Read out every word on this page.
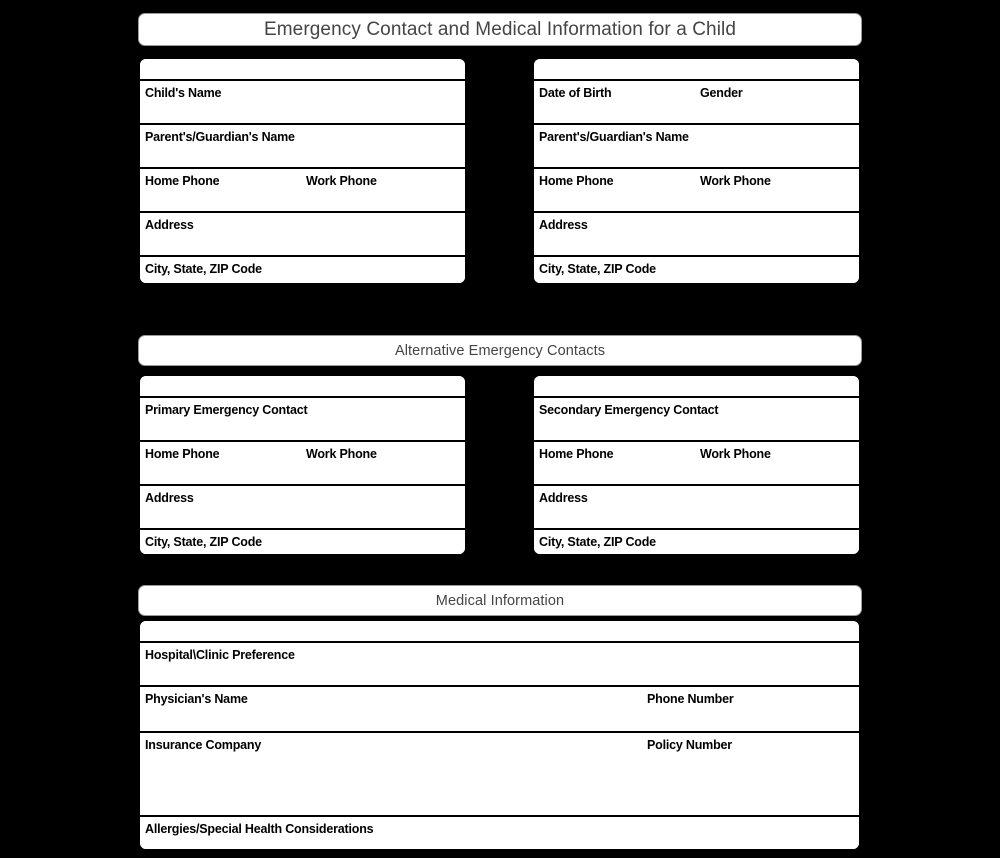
Emergency Contact and Medical Information for a Child
Child's Name
Parent's/Guardian's Name
Home Phone	Work Phone
Address
City, State, ZIP Code
Date of Birth	Gender
Parent's/Guardian's Name
Home Phone	Work Phone
Address
City, State, ZIP Code
Alternative Emergency Contacts
Primary Emergency Contact
Home Phone	Work Phone
Address
City, State, ZIP Code
Secondary Emergency Contact
Home Phone	Work Phone
Address
City, State, ZIP Code
Medical Information
Hospital\Clinic Preference
Physician's Name	Phone Number
Insurance Company	Policy Number
Allergies/Special Health Considerations
